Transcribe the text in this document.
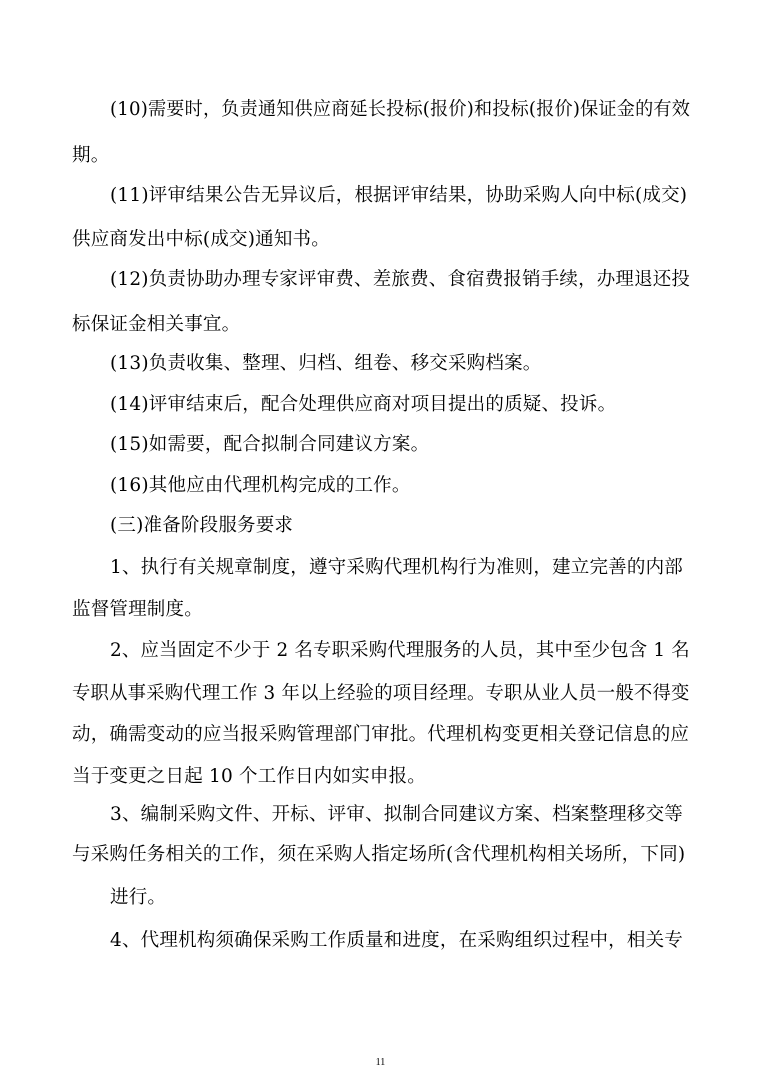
(10)需要时，负责通知供应商延长投标(报价)和投标(报价)保证金的有效
期。
(11)评审结果公告无异议后，根据评审结果，协助采购人向中标(成交)
供应商发出中标(成交)通知书。
(12)负责协助办理专家评审费、差旅费、食宿费报销手续，办理退还投
标保证金相关事宜。
(13)负责收集、整理、归档、组卷、移交采购档案。
(14)评审结束后，配合处理供应商对项目提出的质疑、投诉。
(15)如需要，配合拟制合同建议方案。
(16)其他应由代理机构完成的工作。
(三)准备阶段服务要求
1、执行有关规章制度，遵守采购代理机构行为准则，建立完善的内部
监督管理制度。
2、应当固定不少于 2 名专职采购代理服务的人员，其中至少包含 1 名
专职从事采购代理工作 3 年以上经验的项目经理。专职从业人员一般不得变
动，确需变动的应当报采购管理部门审批。代理机构变更相关登记信息的应
当于变更之日起 10 个工作日内如实申报。
3、编制采购文件、开标、评审、拟制合同建议方案、档案整理移交等
与采购任务相关的工作，须在采购人指定场所(含代理机构相关场所，下同)
进行。
4、代理机构须确保采购工作质量和进度，在采购组织过程中，相关专
11
